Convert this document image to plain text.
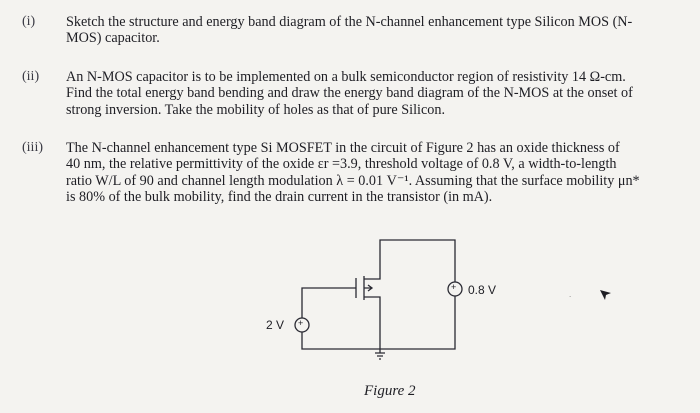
(i) Sketch the structure and energy band diagram of the N-channel enhancement type Silicon MOS (N-
MOS) capacitor.
(ii) An N-MOS capacitor is to be implemented on a bulk semiconductor region of resistivity 14 Ω-cm.
Find the total energy band bending and draw the energy band diagram of the N-MOS at the onset of
strong inversion. Take the mobility of holes as that of pure Silicon.
(iii) The N-channel enhancement type Si MOSFET in the circuit of Figure 2 has an oxide thickness of
40 nm, the relative permittivity of the oxide εr =3.9, threshold voltage of 0.8 V, a width-to-length
ratio W/L of 90 and channel length modulation λ = 0.01 V⁻¹. Assuming that the surface mobility μn*
is 80% of the bulk mobility, find the drain current in the transistor (in mA).
.
+
+
2 V
0.8 V
Figure 2
